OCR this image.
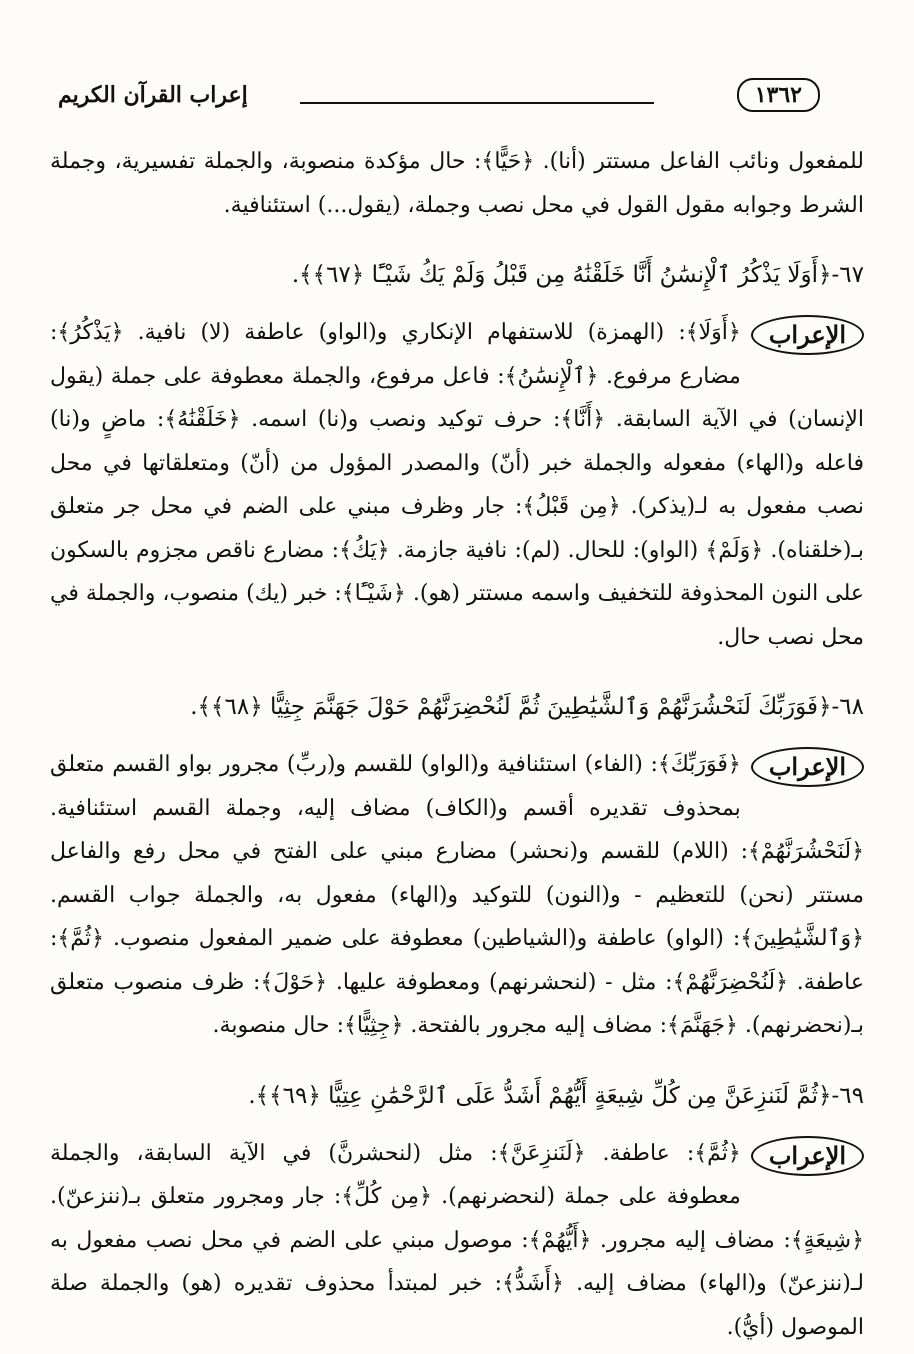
١٣٦٢
إعراب القرآن الكريم

للمفعول ونائب الفاعل مستتر (أنا). ﴿حَيًّا﴾: حال مؤكدة منصوبة، والجملة تفسيرية، وجملة الشرط وجوابه مقول القول في محل نصب وجملة، (يقول...) استئنافية.

٦٧-﴿أَوَلَا يَذْكُرُ ٱلْإِنسَٰنُ أَنَّا خَلَقْنَٰهُ مِن قَبْلُ وَلَمْ يَكُ شَيْـًٔا ﴿٦٧﴾﴾.
الإعراب

﴿أَوَلَا﴾: (الهمزة) للاستفهام الإنكاري و(الواو) عاطفة (لا) نافية. ﴿يَذْكُرُ﴾: مضارع مرفوع. ﴿ٱلْإِنسَٰنُ﴾: فاعل مرفوع، والجملة معطوفة على جملة (يقول الإنسان) في الآية السابقة. ﴿أَنَّا﴾: حرف توكيد ونصب و(نا) اسمه. ﴿خَلَقْنَٰهُ﴾: ماضٍ و(نا) فاعله و(الهاء) مفعوله والجملة خبر (أنّ) والمصدر المؤول من (أنّ) ومتعلقاتها في محل نصب مفعول به لـ(يذكر). ﴿مِن قَبْلُ﴾: جار وظرف مبني على الضم في محل جر متعلق بـ(خلقناه). ﴿وَلَمْ﴾ (الواو): للحال. (لم): نافية جازمة. ﴿يَكُ﴾: مضارع ناقص مجزوم بالسكون على النون المحذوفة للتخفيف واسمه مستتر (هو). ﴿شَيْـًٔا﴾: خبر (يك) منصوب، والجملة في محل نصب حال.

٦٨-﴿فَوَرَبِّكَ لَنَحْشُرَنَّهُمْ وَٱلشَّيَٰطِينَ ثُمَّ لَنُحْضِرَنَّهُمْ حَوْلَ جَهَنَّمَ جِثِيًّا ﴿٦٨﴾﴾.
الإعراب

﴿فَوَرَبِّكَ﴾: (الفاء) استئنافية و(الواو) للقسم و(ربِّ) مجرور بواو القسم متعلق بمحذوف تقديره أقسم و(الكاف) مضاف إليه، وجملة القسم استئنافية. ﴿لَنَحْشُرَنَّهُمْ﴾: (اللام) للقسم و(نحشر) مضارع مبني على الفتح في محل رفع والفاعل مستتر (نحن) للتعظيم - و(النون) للتوكيد و(الهاء) مفعول به، والجملة جواب القسم. ﴿وَٱلشَّيَٰطِينَ﴾: (الواو) عاطفة و(الشياطين) معطوفة على ضمير المفعول منصوب. ﴿ثُمَّ﴾: عاطفة. ﴿لَنُحْضِرَنَّهُمْ﴾: مثل - (لنحشرنهم) ومعطوفة عليها. ﴿حَوْلَ﴾: ظرف منصوب متعلق بـ(نحضرنهم). ﴿جَهَنَّمَ﴾: مضاف إليه مجرور بالفتحة. ﴿جِثِيًّا﴾: حال منصوبة.

٦٩-﴿ثُمَّ لَنَنزِعَنَّ مِن كُلِّ شِيعَةٍ أَيُّهُمْ أَشَدُّ عَلَى ٱلرَّحْمَٰنِ عِتِيًّا ﴿٦٩﴾﴾.
الإعراب

﴿ثُمَّ﴾: عاطفة. ﴿لَنَنزِعَنَّ﴾: مثل (لنحشرنَّ) في الآية السابقة، والجملة معطوفة على جملة (لنحضرنهم). ﴿مِن كُلِّ﴾: جار ومجرور متعلق بـ(ننزعنّ). ﴿شِيعَةٍ﴾: مضاف إليه مجرور. ﴿أَيُّهُمْ﴾: موصول مبني على الضم في محل نصب مفعول به لـ(ننزعنّ) و(الهاء) مضاف إليه. ﴿أَشَدُّ﴾: خبر لمبتدأ محذوف تقديره (هو) والجملة صلة الموصول (أيُّ).
